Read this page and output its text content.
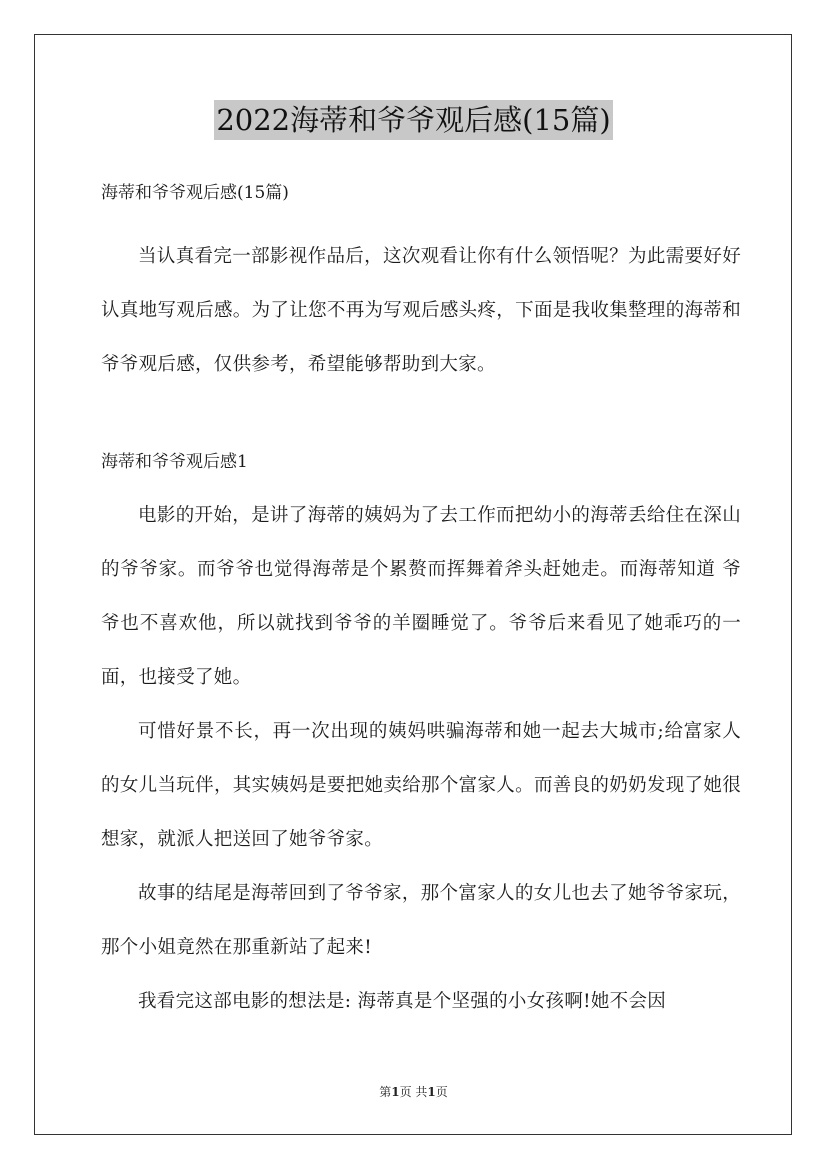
2022海蒂和爷爷观后感(15篇)

海蒂和爷爷观后感(15篇)

当认真看完一部影视作品后，这次观看让你有什么领悟呢？为此需要好好认真地写观后感。为了让您不再为写观后感头疼，下面是我收集整理的海蒂和爷爷观后感，仅供参考，希望能够帮助到大家。

海蒂和爷爷观后感1

电影的开始，是讲了海蒂的姨妈为了去工作而把幼小的海蒂丢给住在深山的爷爷家。而爷爷也觉得海蒂是个累赘而挥舞着斧头赶她走。而海蒂知道 爷爷也不喜欢他，所以就找到爷爷的羊圈睡觉了。爷爷后来看见了她乖巧的一面，也接受了她。

可惜好景不长，再一次出现的姨妈哄骗海蒂和她一起去大城市;给富家人的女儿当玩伴，其实姨妈是要把她卖给那个富家人。而善良的奶奶发现了她很想家，就派人把送回了她爷爷家。

故事的结尾是海蒂回到了爷爷家，那个富家人的女儿也去了她爷爷家玩，那个小姐竟然在那重新站了起来!

我看完这部电影的想法是: 海蒂真是个坚强的小女孩啊!她不会因

第1页 共1页
